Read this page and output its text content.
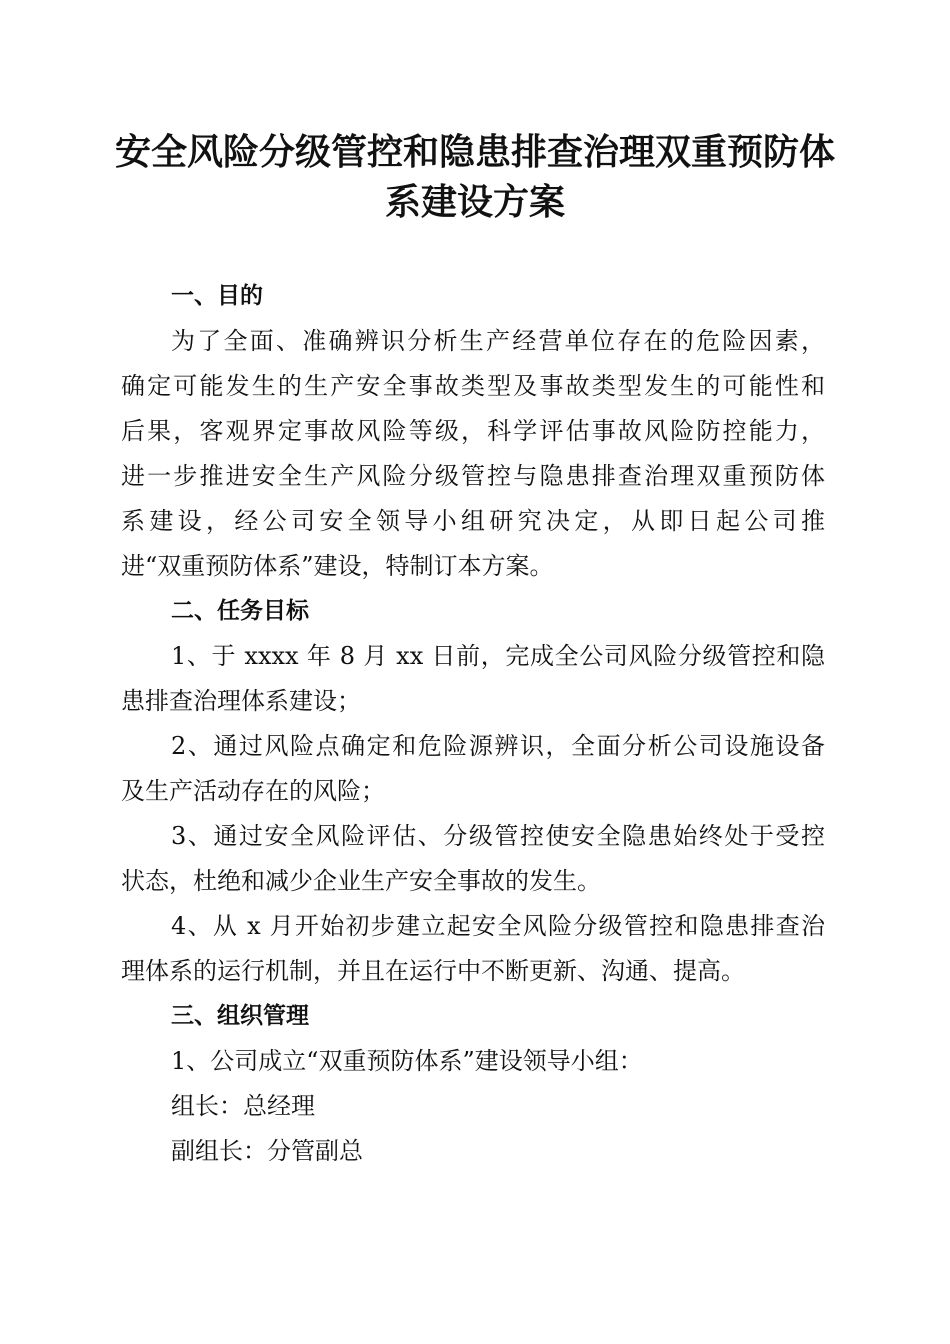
安全风险分级管控和隐患排查治理双重预防体
系建设方案

一、目的

为了全面、准确辨识分析生产经营单位存在的危险因素，

确定可能发生的生产安全事故类型及事故类型发生的可能性和

后果，客观界定事故风险等级，科学评估事故风险防控能力，

进一步推进安全生产风险分级管控与隐患排查治理双重预防体

系建设，经公司安全领导小组研究决定，从即日起公司推

进“双重预防体系”建设，特制订本方案。

二、任务目标

1、于 xxxx 年 8 月 xx 日前，完成全公司风险分级管控和隐

患排查治理体系建设；

2、通过风险点确定和危险源辨识，全面分析公司设施设备

及生产活动存在的风险；

3、通过安全风险评估、分级管控使安全隐患始终处于受控

状态，杜绝和减少企业生产安全事故的发生。

4、从 x 月开始初步建立起安全风险分级管控和隐患排查治

理体系的运行机制，并且在运行中不断更新、沟通、提高。

三、组织管理

1、公司成立“双重预防体系”建设领导小组：

组长：总经理

副组长：分管副总
